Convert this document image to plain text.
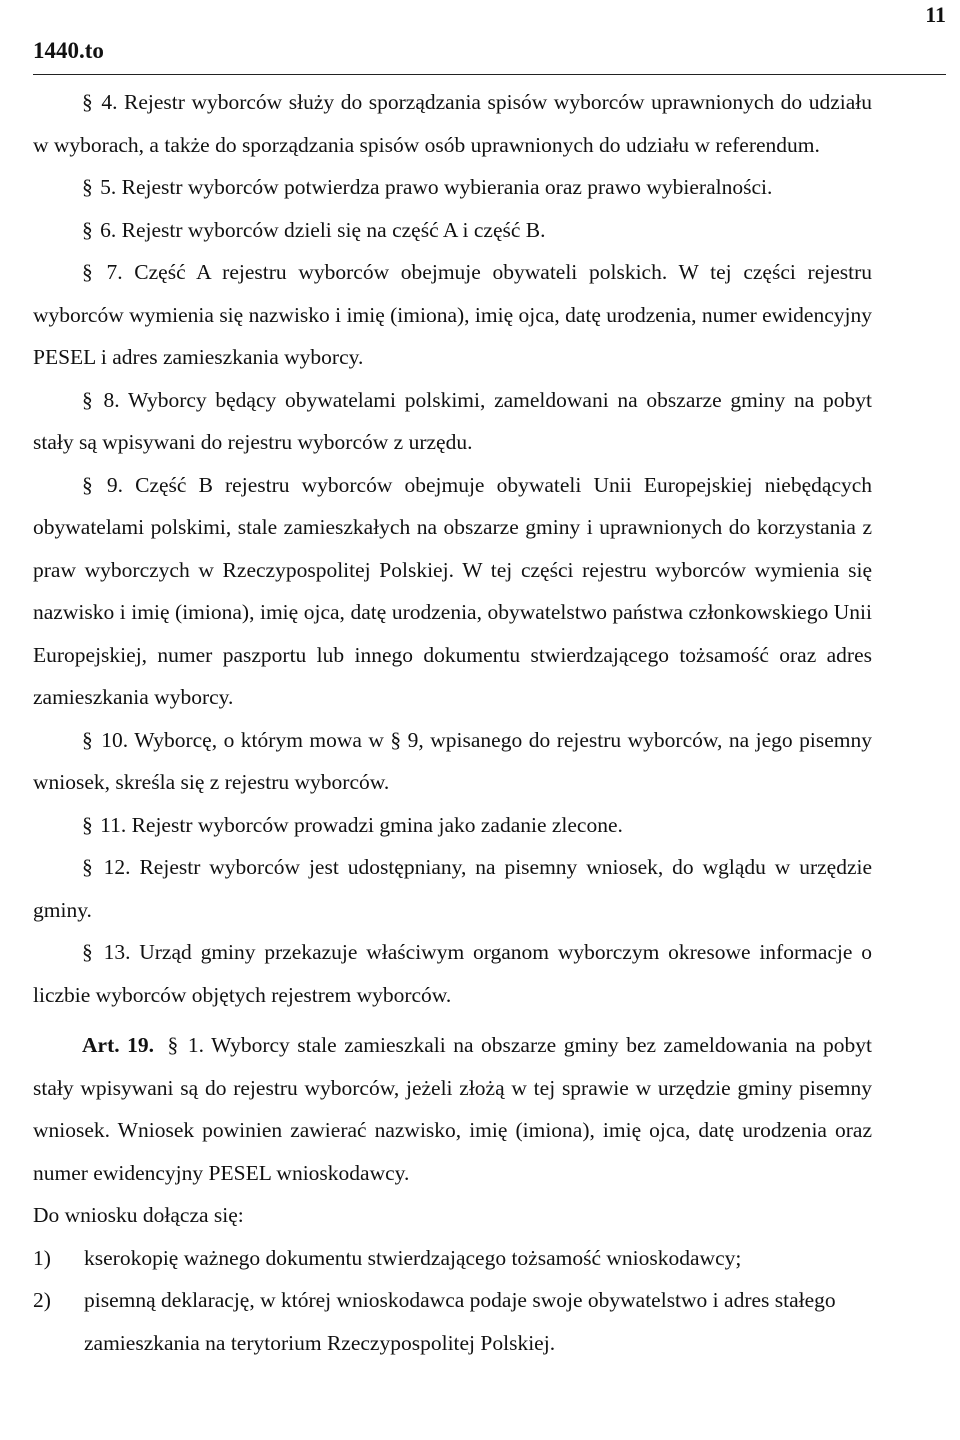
11
1440.to

§ 4. Rejestr wyborców służy do sporządzania spisów wyborców uprawnionych do udziału w wyborach, a także do sporządzania spisów osób uprawnionych do udziału w referendum.

§ 5. Rejestr wyborców potwierdza prawo wybierania oraz prawo wybieralności.

§ 6. Rejestr wyborców dzieli się na część A i część B.

§ 7. Część A rejestru wyborców obejmuje obywateli polskich. W tej części rejestru wyborców wymienia się nazwisko i imię (imiona), imię ojca, datę urodzenia, numer ewidencyjny PESEL i adres zamieszkania wyborcy.

§ 8. Wyborcy będący obywatelami polskimi, zameldowani na obszarze gminy na pobyt stały są wpisywani do rejestru wyborców z urzędu.

§ 9. Część B rejestru wyborców obejmuje obywateli Unii Europejskiej niebędących obywatelami polskimi, stale zamieszkałych na obszarze gminy i uprawnionych do korzystania z praw wyborczych w Rzeczypospolitej Polskiej. W tej części rejestru wyborców wymienia się nazwisko i imię (imiona), imię ojca, datę urodzenia, obywatelstwo państwa członkowskiego Unii Europejskiej, numer paszportu lub innego dokumentu stwierdzającego tożsamość oraz adres zamieszkania wyborcy.

§ 10. Wyborcę, o którym mowa w § 9, wpisanego do rejestru wyborców, na jego pisemny wniosek, skreśla się z rejestru wyborców.

§ 11. Rejestr wyborców prowadzi gmina jako zadanie zlecone.

§ 12. Rejestr wyborców jest udostępniany, na pisemny wniosek, do wglądu w urzędzie gminy.

§ 13. Urząd gminy przekazuje właściwym organom wyborczym okresowe informacje o liczbie wyborców objętych rejestrem wyborców.

Art. 19. § 1. Wyborcy stale zamieszkali na obszarze gminy bez zameldowania na pobyt stały wpisywani są do rejestru wyborców, jeżeli złożą w tej sprawie w urzędzie gminy pisemny wniosek. Wniosek powinien zawierać nazwisko, imię (imiona), imię ojca, datę urodzenia oraz numer ewidencyjny PESEL wnioskodawcy.

Do wniosku dołącza się:

1)	kserokopię ważnego dokumentu stwierdzającego tożsamość wnioskodawcy;
2)	pisemną deklarację, w której wnioskodawca podaje swoje obywatelstwo i adres stałego zamieszkania na terytorium Rzeczypospolitej Polskiej.
